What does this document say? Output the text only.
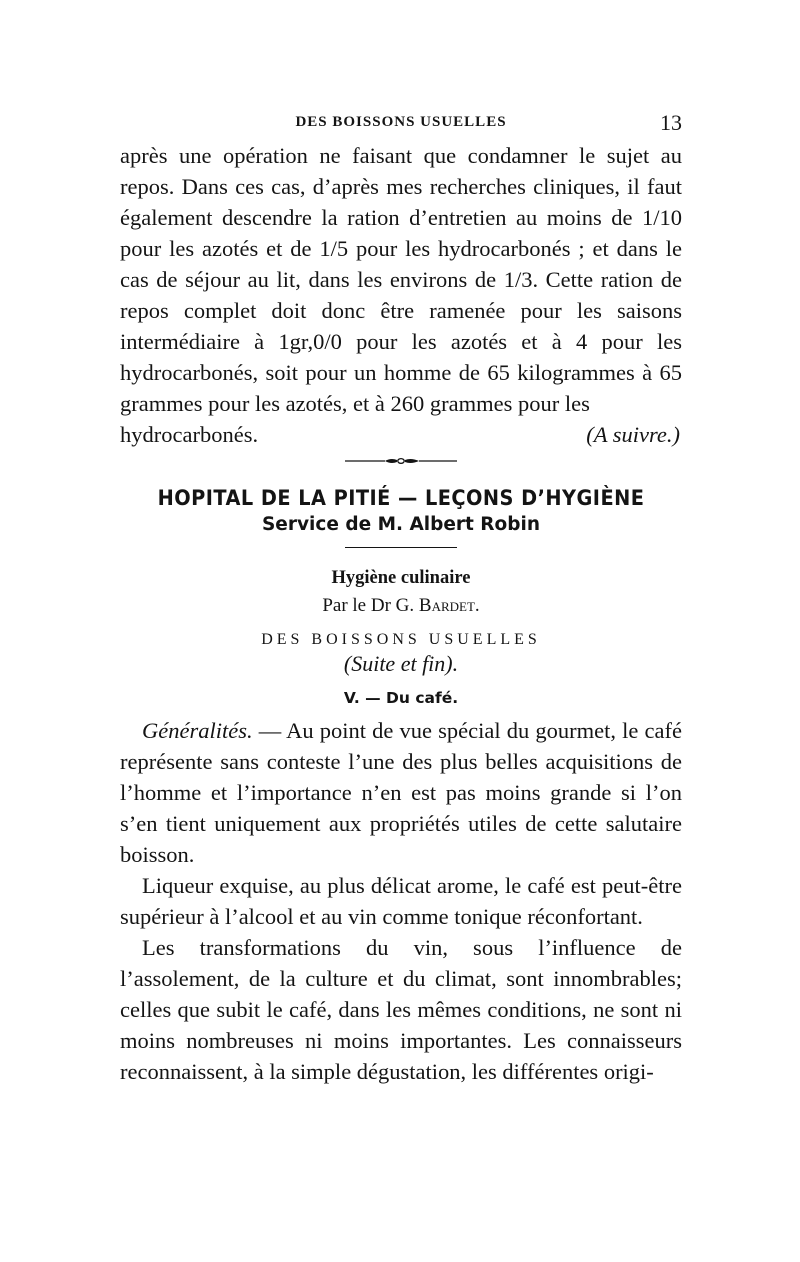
DES BOISSONS USUELLES	13

après une opération ne faisant que condamner le sujet au repos. Dans ces cas, d’après mes recherches cliniques, il faut également descendre la ration d’entretien au moins de 1/10 pour les azotés et de 1/5 pour les hydrocarbonés ; et dans le cas de séjour au lit, dans les environs de 1/3. Cette ration de repos complet doit donc être ramenée pour les saisons intermédiaire à 1gr,0/0 pour les azotés et à 4 pour les hydrocarbonés, soit pour un homme de 65 kilogrammes à 65 grammes pour les azotés, et à 260 grammes pour les

hydrocarbonés.	(A suivre.)
HOPITAL DE LA PITIÉ — LEÇONS D’HYGIÈNE
Service de M. Albert Robin
Hygiène culinaire
Par le Dr G. Bardet.
DES BOISSONS USUELLES
(Suite et fin).
V. — Du café.

Généralités. — Au point de vue spécial du gourmet, le café représente sans conteste l’une des plus belles acquisitions de l’homme et l’importance n’en est pas moins grande si l’on s’en tient uniquement aux propriétés utiles de cette salutaire boisson.

Liqueur exquise, au plus délicat arome, le café est peut-être supérieur à l’alcool et au vin comme tonique réconfortant.

Les transformations du vin, sous l’influence de l’assolement, de la culture et du climat, sont innombrables; celles que subit le café, dans les mêmes conditions, ne sont ni moins nombreuses ni moins importantes. Les connaisseurs reconnaissent, à la simple dégustation, les différentes origi-
